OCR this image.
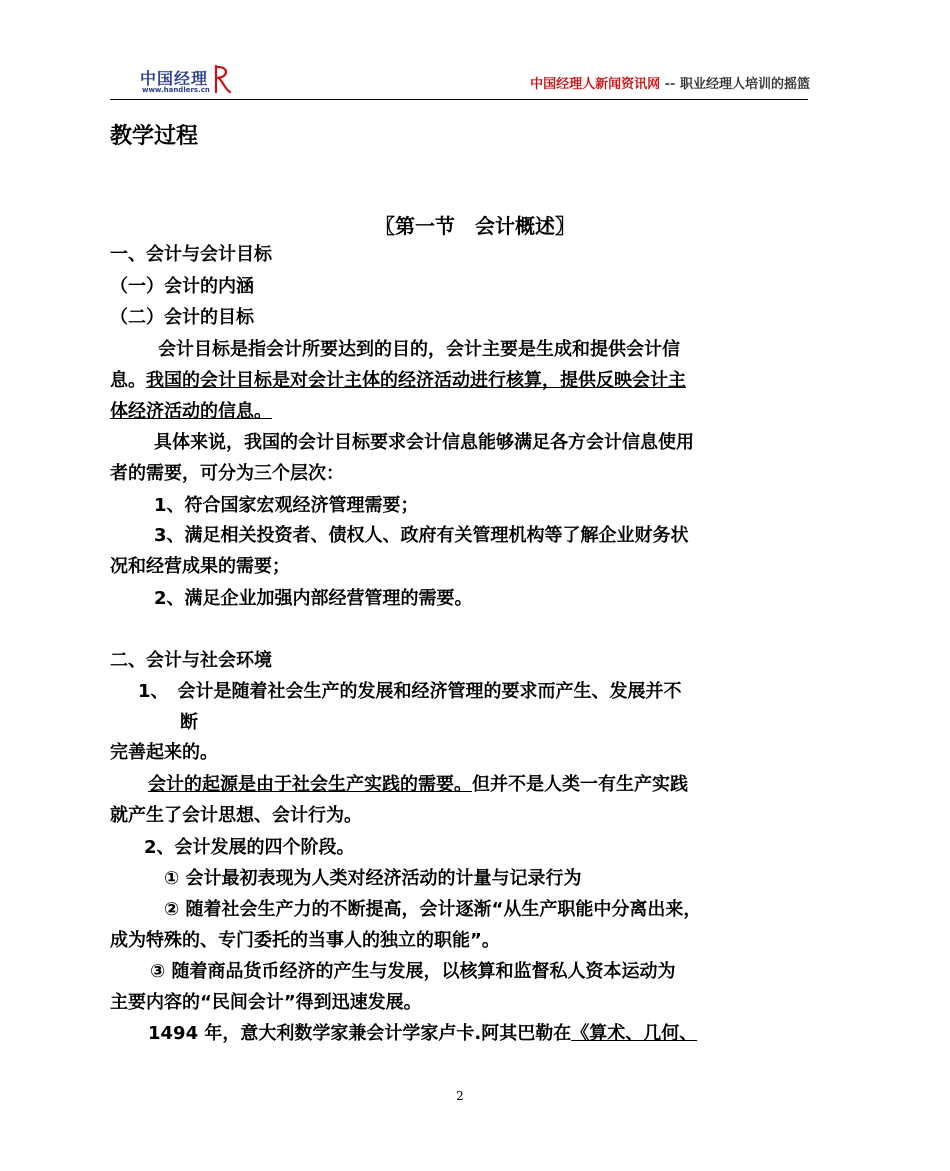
中国经理
www.handlers.cn	中国经理人新闻资讯网 -- 职业经理人培训的摇篮
教学过程
〖第一节　会计概述〗
一、会计与会计目标
（一）会计的内涵
（二）会计的目标
会计目标是指会计所要达到的目的，会计主要是生成和提供会计信
息。我国的会计目标是对会计主体的经济活动进行核算，提供反映会计主
体经济活动的信息。
具体来说，我国的会计目标要求会计信息能够满足各方会计信息使用
者的需要，可分为三个层次：
1、符合国家宏观经济管理需要；
3、满足相关投资者、债权人、政府有关管理机构等了解企业财务状
况和经营成果的需要；
2、满足企业加强内部经营管理的需要。
二、会计与社会环境
1、　会计是随着社会生产的发展和经济管理的要求而产生、发展并不
断
完善起来的。
会计的起源是由于社会生产实践的需要。但并不是人类一有生产实践
就产生了会计思想、会计行为。
2、会计发展的四个阶段。
① 会计最初表现为人类对经济活动的计量与记录行为
② 随着社会生产力的不断提高，会计逐渐“从生产职能中分离出来，
成为特殊的、专门委托的当事人的独立的职能”。
③ 随着商品货币经济的产生与发展，以核算和监督私人资本运动为
主要内容的“民间会计”得到迅速发展。
1494 年，意大利数学家兼会计学家卢卡.阿其巴勒在《算术、几何、
2
